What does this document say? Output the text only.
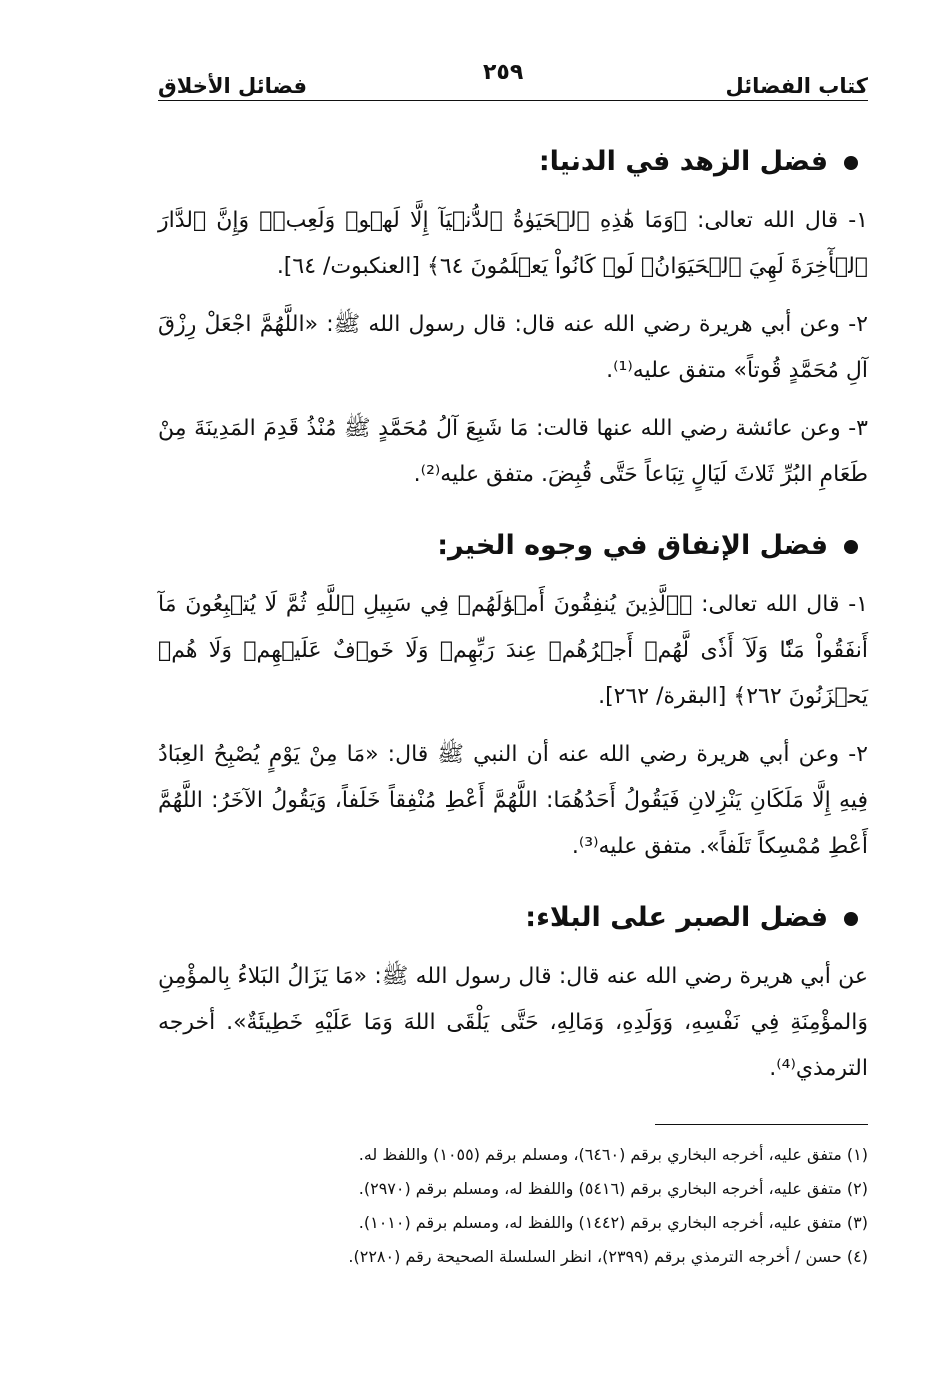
كتاب الفضائل
٢٥٩
فضائل الأخلاق
فضل الزهد في الدنيا:

١- قال الله تعالى: ﴿وَمَا هَٰذِهِ ٱلۡحَيَوٰةُ ٱلدُّنۡيَآ إِلَّا لَهۡوٞ وَلَعِبٞۚ وَإِنَّ ٱلدَّارَ ٱلۡأٓخِرَةَ لَهِيَ ٱلۡحَيَوَانُۚ لَوۡ كَانُواْ يَعۡلَمُونَ ٦٤﴾ [العنكبوت/ ٦٤].

٢- وعن أبي هريرة رضي الله عنه قال: قال رسول الله ﷺ: «اللَّهُمَّ اجْعَلْ رِزْقَ آلِ مُحَمَّدٍ قُوتاً» متفق عليه⁽¹⁾.

٣- وعن عائشة رضي الله عنها قالت: مَا شَبِعَ آلُ مُحَمَّدٍ ﷺ مُنْذُ قَدِمَ المَدِينَةَ مِنْ طَعَامِ البُرِّ ثَلاثَ لَيَالٍ تِبَاعاً حَتَّى قُبِضَ. متفق عليه⁽²⁾.

فضل الإنفاق في وجوه الخير:

١- قال الله تعالى: ﴿ٱلَّذِينَ يُنفِقُونَ أَمۡوَٰلَهُمۡ فِي سَبِيلِ ٱللَّهِ ثُمَّ لَا يُتۡبِعُونَ مَآ أَنفَقُواْ مَنّٗا وَلَآ أَذٗى لَّهُمۡ أَجۡرُهُمۡ عِندَ رَبِّهِمۡ وَلَا خَوۡفٌ عَلَيۡهِمۡ وَلَا هُمۡ يَحۡزَنُونَ ٢٦٢﴾ [البقرة/ ٢٦٢].

٢- وعن أبي هريرة رضي الله عنه أن النبي ﷺ قال: «مَا مِنْ يَوْمٍ يُصْبِحُ العِبَادُ فِيهِ إِلَّا مَلَكَانِ يَنْزِلانِ فَيَقُولُ أَحَدُهُمَا: اللَّهُمَّ أَعْطِ مُنْفِقاً خَلَفاً، وَيَقُولُ الآخَرُ: اللَّهُمَّ أَعْطِ مُمْسِكاً تَلَفاً». متفق عليه⁽³⁾.

فضل الصبر على البلاء:

عن أبي هريرة رضي الله عنه قال: قال رسول الله ﷺ: «مَا يَزَالُ البَلاءُ بِالمؤْمِنِ وَالمؤْمِنَةِ فِي نَفْسِهِ، وَوَلَدِهِ، وَمَالِهِ، حَتَّى يَلْقَى اللهَ وَمَا عَلَيْهِ خَطِيئَةٌ». أخرجه الترمذي⁽⁴⁾.

(١) متفق عليه، أخرجه البخاري برقم (٦٤٦٠)، ومسلم برقم (١٠٥٥) واللفظ له.
(٢) متفق عليه، أخرجه البخاري برقم (٥٤١٦) واللفظ له، ومسلم برقم (٢٩٧٠).
(٣) متفق عليه، أخرجه البخاري برقم (١٤٤٢) واللفظ له، ومسلم برقم (١٠١٠).
(٤) حسن / أخرجه الترمذي برقم (٢٣٩٩)، انظر السلسلة الصحيحة رقم (٢٢٨٠).
